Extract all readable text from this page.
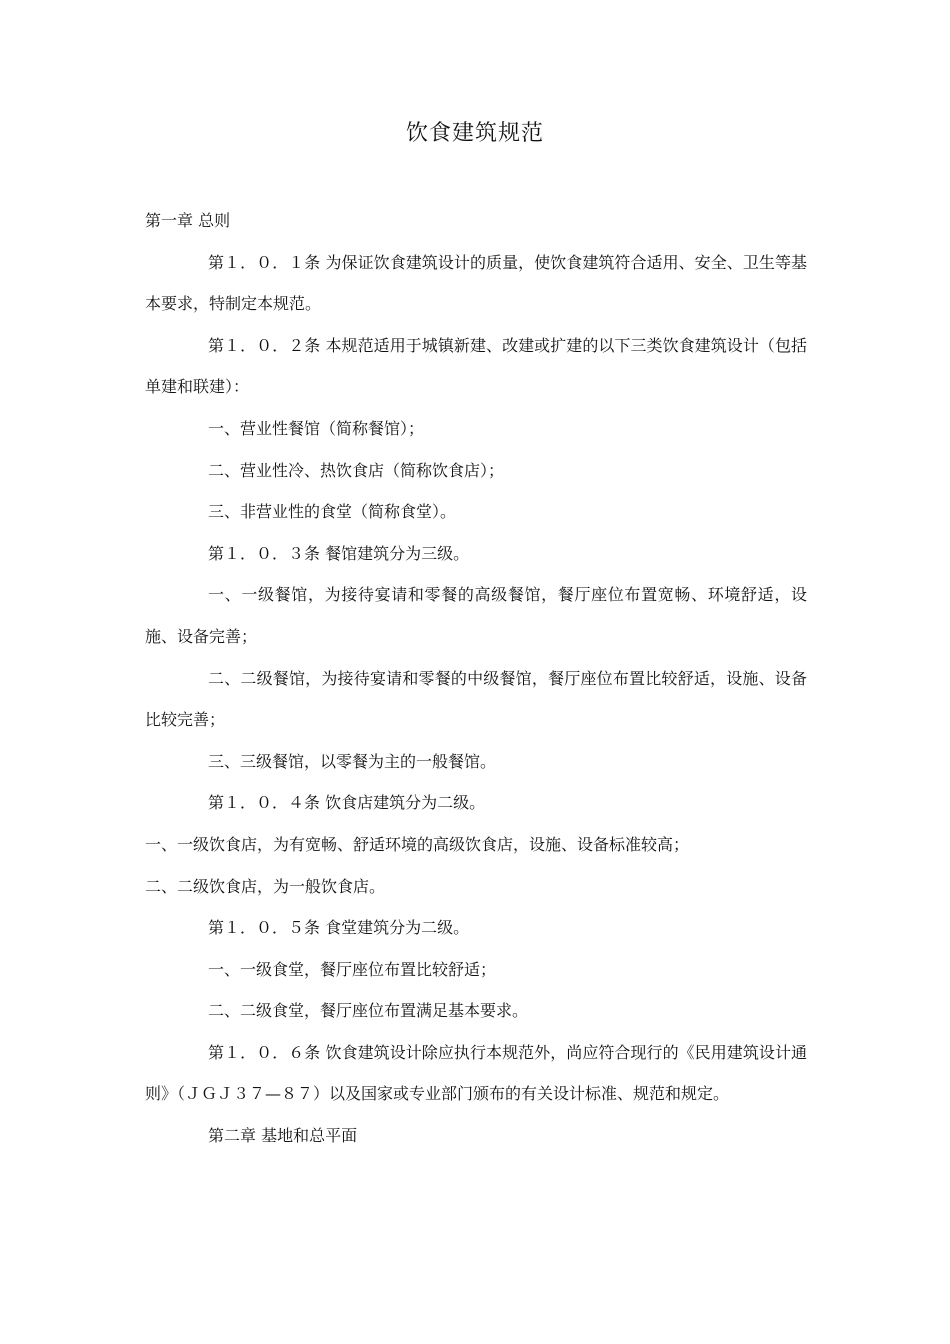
饮食建筑规范

第一章 总则

第１．０．１条 为保证饮食建筑设计的质量，使饮食建筑符合适用、安全、卫生等基本要求，特制定本规范。

第１．０．２条 本规范适用于城镇新建、改建或扩建的以下三类饮食建筑设计（包括单建和联建）：

一、营业性餐馆（简称餐馆）；

二、营业性冷、热饮食店（简称饮食店）；

三、非营业性的食堂（简称食堂）。

第１．０．３条 餐馆建筑分为三级。

一、一级餐馆，为接待宴请和零餐的高级餐馆，餐厅座位布置宽畅、环境舒适，设施、设备完善；

二、二级餐馆，为接待宴请和零餐的中级餐馆，餐厅座位布置比较舒适，设施、设备比较完善；

三、三级餐馆，以零餐为主的一般餐馆。

第１．０．４条 饮食店建筑分为二级。

一、一级饮食店，为有宽畅、舒适环境的高级饮食店，设施、设备标准较高；

二、二级饮食店，为一般饮食店。

第１．０．５条 食堂建筑分为二级。

一、一级食堂，餐厅座位布置比较舒适；

二、二级食堂，餐厅座位布置满足基本要求。

第１．０．６条 饮食建筑设计除应执行本规范外，尚应符合现行的《民用建筑设计通则》（ＪＧＪ３７—８７）以及国家或专业部门颁布的有关设计标准、规范和规定。

第二章 基地和总平面
